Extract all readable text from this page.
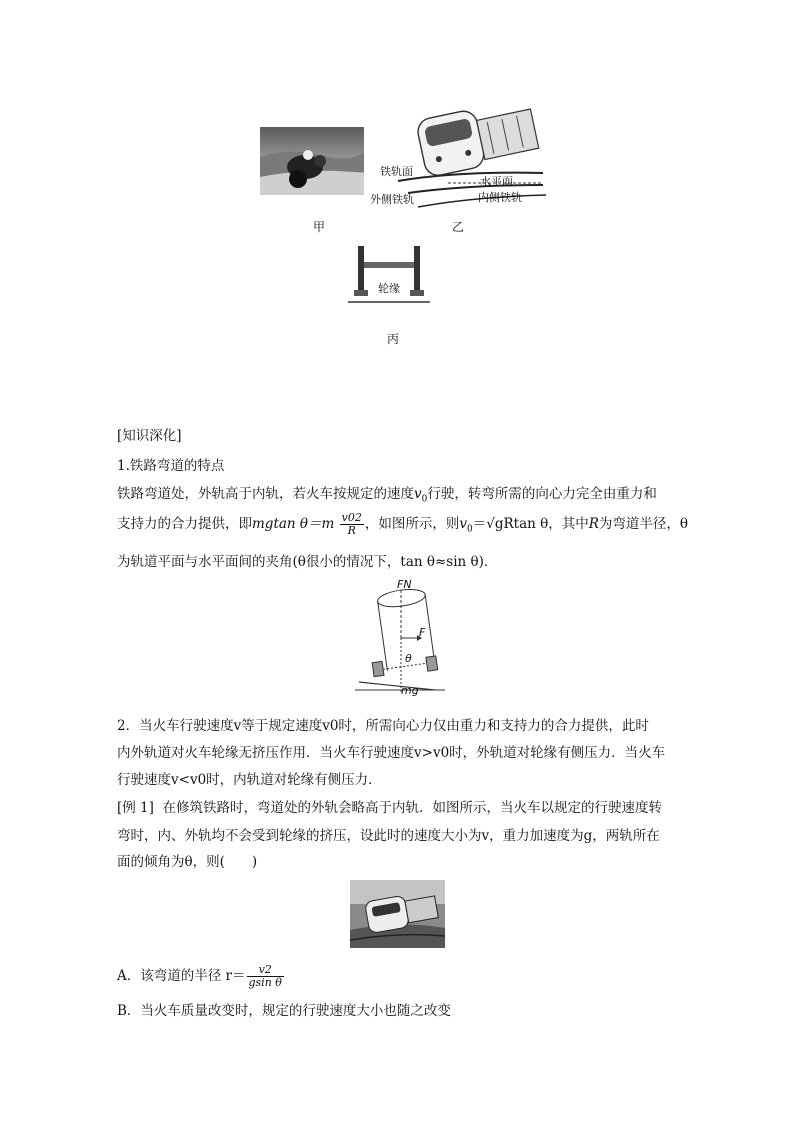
甲
铁轨面
水平面
外侧铁轨	内侧铁轨
乙
轮缘
丙
[知识深化]
1.铁路弯道的特点
铁路弯道处，外轨高于内轨，若火车按规定的速度$v_0$行驶，转弯所需的向心力完全由重力和
支持力的合力提供，即mgtan $\theta=m \frac{v02}{R}$ ，如图所示，则$v_0=√gRtan$ θ，其中R为弯道半径，θ
为轨道平面与水平面间的夹角(θ很小的情况下，tan θ≈sin θ)．
FN
F
θ
mg
2．当火车行驶速度v等于规定速度v0时，所需向心力仅由重力和支持力的合力提供，此时
内外轨道对火车轮缘无挤压作用．当火车行驶速度v>v0时，外轨道对轮缘有侧压力．当火车
行驶速度v<v0时，内轨道对轮缘有侧压力．
[例 1] 在修筑铁路时，弯道处的外轨会略高于内轨．如图所示，当火车以规定的行驶速度转
弯时，内、外轨均不会受到轮缘的挤压，设此时的速度大小为v，重力加速度为g，两轨所在
面的倾角为θ，则(　　)
A．该弯道的半径 $r= \frac{v2}{\text{gsin θ}}$
B．当火车质量改变时，规定的行驶速度大小也随之改变
